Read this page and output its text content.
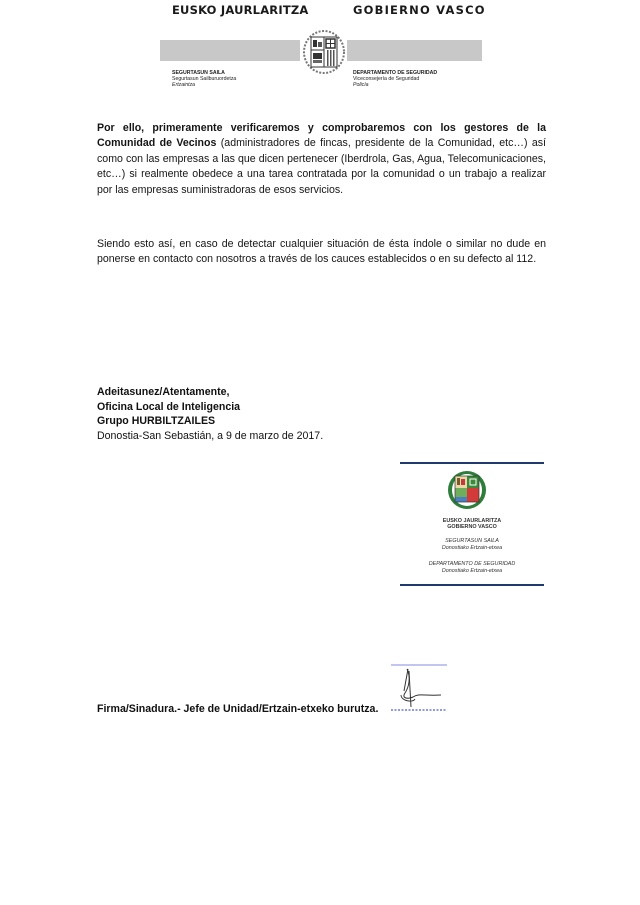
EUSKO JAURLARITZA	GOBIERNO VASCO
SEGURTASUN SAILA
Segurtasun Sailburuordetza
Ertzaintza
DEPARTAMENTO DE SEGURIDAD
Viceconsejería de Seguridad
Policía
Por ello, primeramente verificaremos y comprobaremos con los gestores de la Comunidad de Vecinos (administradores de fincas, presidente de la Comunidad, etc…) así como con las empresas a las que dicen pertenecer (Iberdrola, Gas, Agua, Telecomunicaciones, etc…) si realmente obedece a una tarea contratada por la comunidad o un trabajo a realizar por las empresas suministradoras de esos servicios.
Siendo esto así, en caso de detectar cualquier situación de ésta índole o similar no dude en ponerse en contacto con nosotros a través de los cauces establecidos o en su defecto al 112.
Adeitasunez/Atentamente,
Oficina Local de Inteligencia
Grupo HURBILTZAILES
Donostia-San Sebastián, a 9 de marzo de 2017.
EUSKO JAURLARITZA
GOBIERNO VASCO
SEGURTASUN SAILA
Donostiako Ertzain-etxea
DEPARTAMENTO DE SEGURIDAD
Donostiako Ertzain-etxea
Firma/Sinadura.- Jefe de Unidad/Ertzain-etxeko burutza.
